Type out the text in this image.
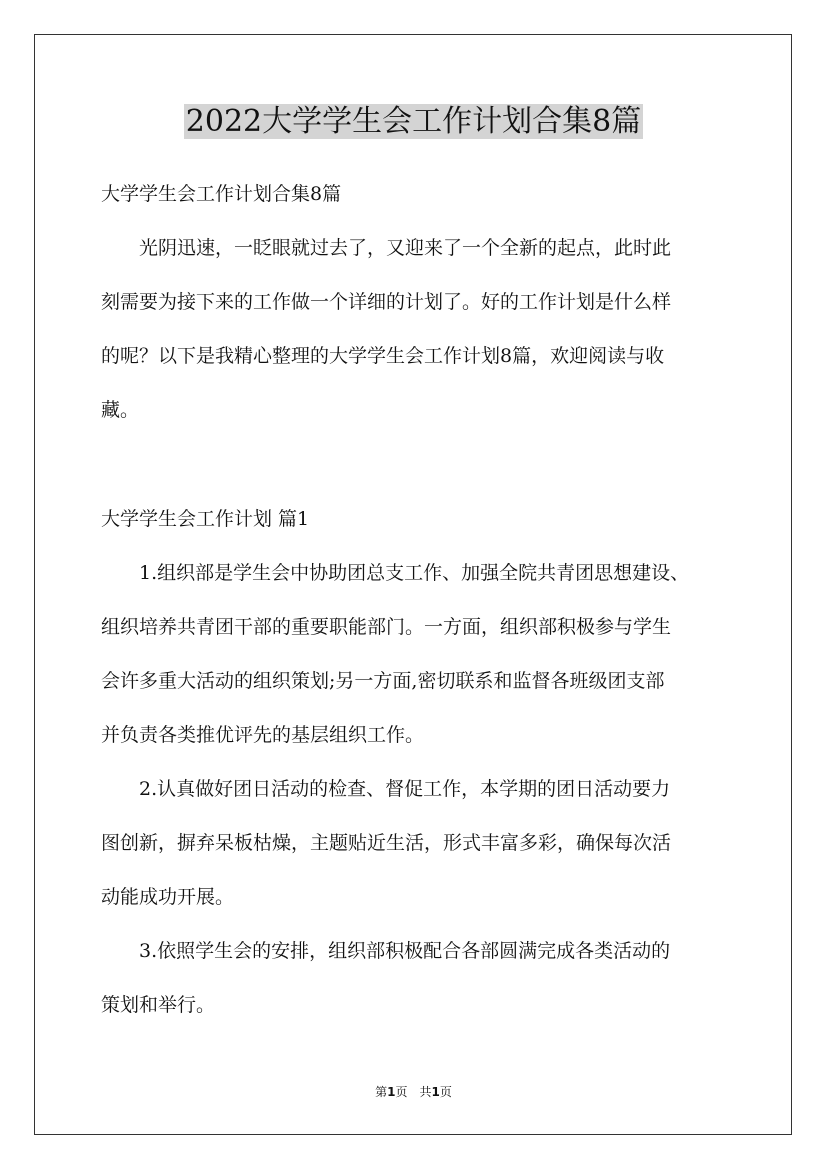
2022大学学生会工作计划合集8篇
大学学生会工作计划合集8篇
　　光阴迅速，一眨眼就过去了，又迎来了一个全新的起点，此时此
刻需要为接下来的工作做一个详细的计划了。好的工作计划是什么样
的呢？以下是我精心整理的大学学生会工作计划8篇，欢迎阅读与收
藏。
大学学生会工作计划 篇1
　　1.组织部是学生会中协助团总支工作、加强全院共青团思想建设、
组织培养共青团干部的重要职能部门。一方面，组织部积极参与学生
会许多重大活动的组织策划;另一方面,密切联系和监督各班级团支部
并负责各类推优评先的基层组织工作。
　　2.认真做好团日活动的检查、督促工作，本学期的团日活动要力
图创新，摒弃呆板枯燥，主题贴近生活，形式丰富多彩，确保每次活
动能成功开展。
　　3.依照学生会的安排，组织部积极配合各部圆满完成各类活动的
策划和举行。
第1页　共1页
